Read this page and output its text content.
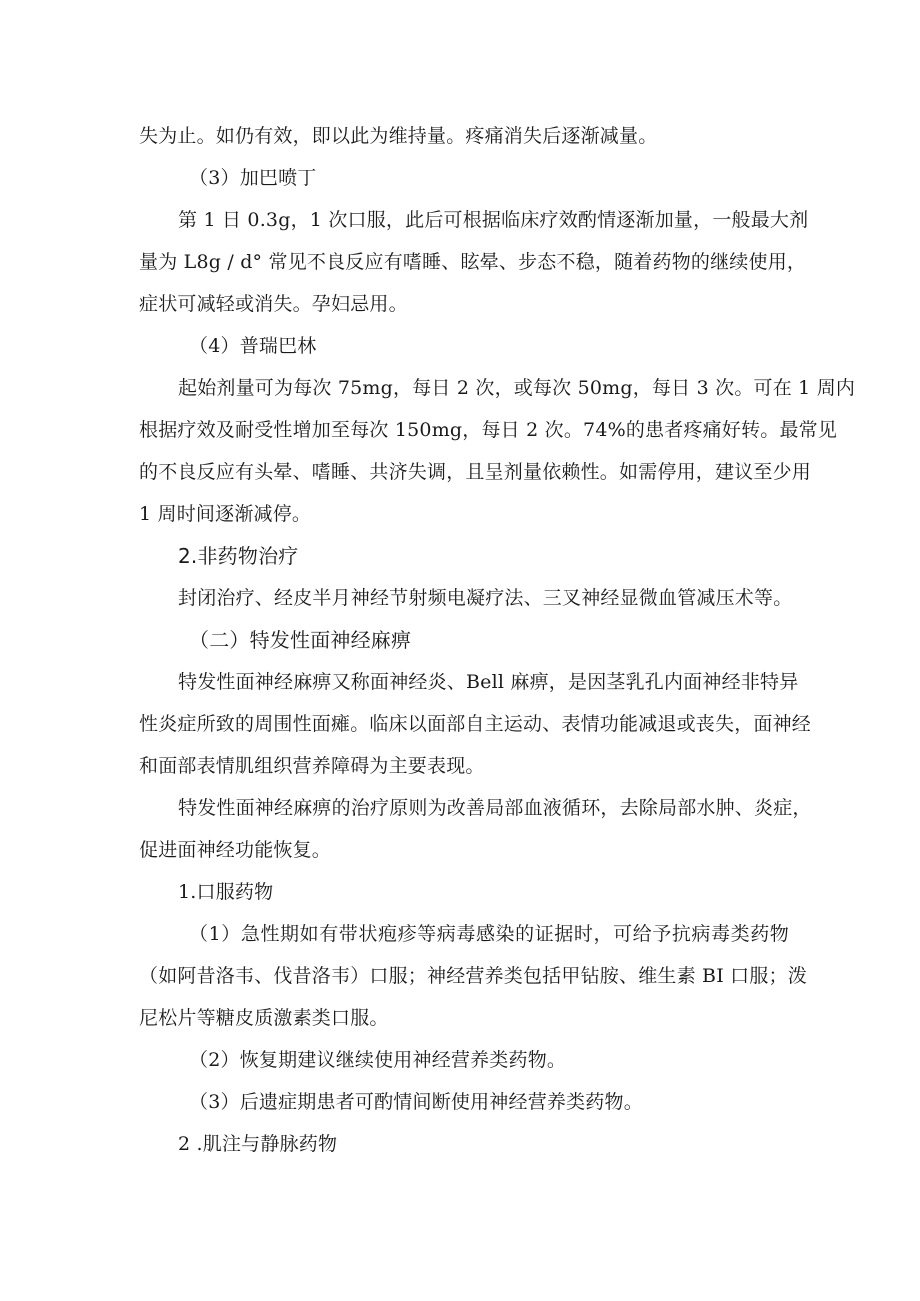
失为止。如仍有效，即以此为维持量。疼痛消失后逐渐减量。
（3）加巴喷丁
第 1 日 0.3g，1 次口服，此后可根据临床疗效酌情逐渐加量，一般最大剂
量为 L8g / d° 常见不良反应有嗜睡、眩晕、步态不稳，随着药物的继续使用，
症状可减轻或消失。孕妇忌用。
（4）普瑞巴林
起始剂量可为每次 75mg，每日 2 次，或每次 50mg，每日 3 次。可在 1 周内
根据疗效及耐受性增加至每次 150mg，每日 2 次。74%的患者疼痛好转。最常见
的不良反应有头晕、嗜睡、共济失调，且呈剂量依赖性。如需停用，建议至少用
1 周时间逐渐减停。
2.非药物治疗
封闭治疗、经皮半月神经节射频电凝疗法、三叉神经显微血管减压术等。
（二）特发性面神经麻痹
特发性面神经麻痹又称面神经炎、Bell 麻痹，是因茎乳孔内面神经非特异
性炎症所致的周围性面瘫。临床以面部自主运动、表情功能减退或丧失，面神经
和面部表情肌组织营养障碍为主要表现。
特发性面神经麻痹的治疗原则为改善局部血液循环，去除局部水肿、炎症，
促进面神经功能恢复。
1.口服药物
（1）急性期如有带状疱疹等病毒感染的证据时，可给予抗病毒类药物
（如阿昔洛韦、伐昔洛韦）口服；神经营养类包括甲钻胺、维生素 BI 口服；泼
尼松片等糖皮质激素类口服。
（2）恢复期建议继续使用神经营养类药物。
（3）后遗症期患者可酌情间断使用神经营养类药物。
2 .肌注与静脉药物
